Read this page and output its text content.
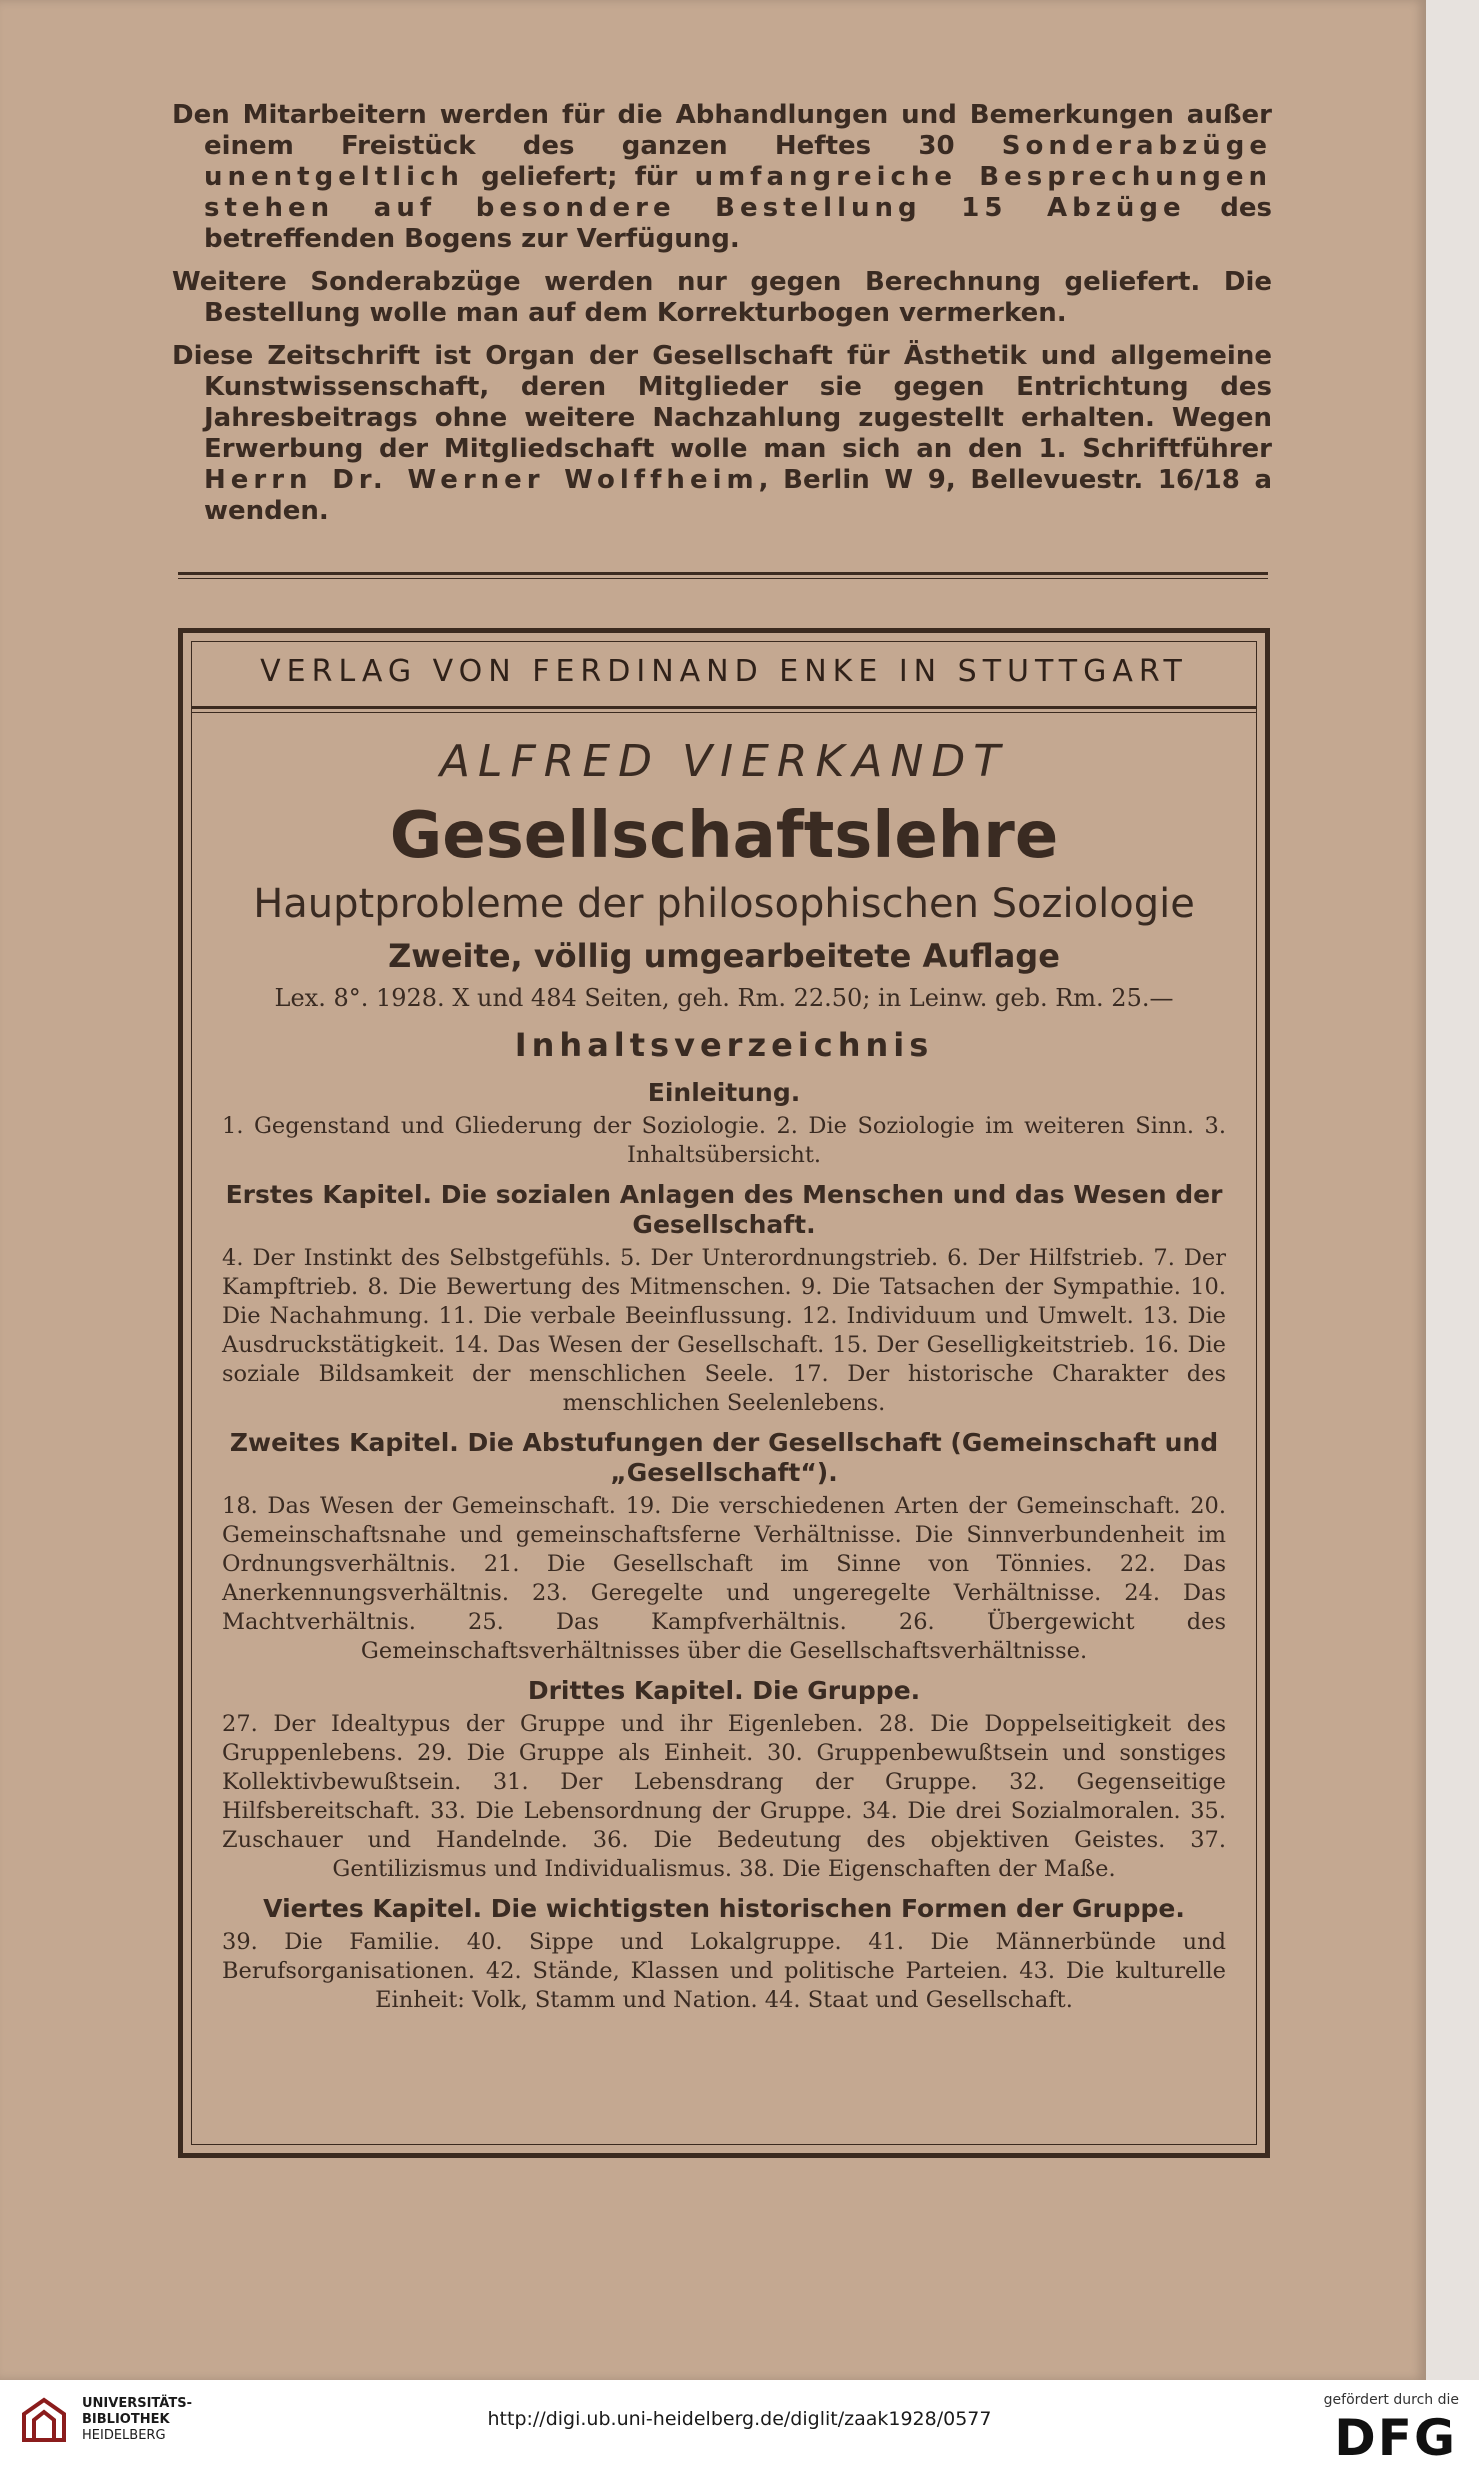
Den Mitarbeitern werden für die Abhandlungen und Bemerkungen außer einem Freistück des ganzen Heftes 30 Sonderabzüge unentgeltlich geliefert; für umfangreiche Besprechungen stehen auf besondere Bestellung 15 Abzüge des betreffenden Bogens zur Verfügung.

Weitere Sonderabzüge werden nur gegen Berechnung geliefert. Die Bestellung wolle man auf dem Korrekturbogen vermerken.

Diese Zeitschrift ist Organ der Gesellschaft für Ästhetik und allgemeine Kunstwissenschaft, deren Mitglieder sie gegen Entrichtung des Jahresbeitrags ohne weitere Nachzahlung zugestellt erhalten. Wegen Erwerbung der Mitgliedschaft wolle man sich an den 1. Schriftführer Herrn Dr. Werner Wolffheim, Berlin W 9, Bellevuestr. 16/18 a wenden.

VERLAG VON FERDINAND ENKE IN STUTTGART

ALFRED VIERKANDT

Gesellschaftslehre

Hauptprobleme der philosophischen Soziologie

Zweite, völlig umgearbeitete Auflage

Lex. 8°. 1928. X und 484 Seiten, geh. Rm. 22.50; in Leinw. geb. Rm. 25.—

Inhaltsverzeichnis

Einleitung.

1. Gegenstand und Gliederung der Soziologie. 2. Die Soziologie im weiteren Sinn. 3. Inhaltsübersicht.

Erstes Kapitel. Die sozialen Anlagen des Menschen und das Wesen der Gesellschaft.

4. Der Instinkt des Selbstgefühls. 5. Der Unterordnungstrieb. 6. Der Hilfstrieb. 7. Der Kampftrieb. 8. Die Bewertung des Mitmenschen. 9. Die Tatsachen der Sympathie. 10. Die Nachahmung. 11. Die verbale Beeinflussung. 12. Individuum und Umwelt. 13. Die Ausdruckstätigkeit. 14. Das Wesen der Gesellschaft. 15. Der Geselligkeitstrieb. 16. Die soziale Bildsamkeit der menschlichen Seele. 17. Der historische Charakter des menschlichen Seelenlebens.

Zweites Kapitel. Die Abstufungen der Gesellschaft (Gemeinschaft und „Gesellschaft“).

18. Das Wesen der Gemeinschaft. 19. Die verschiedenen Arten der Gemeinschaft. 20. Gemeinschaftsnahe und gemeinschaftsferne Verhältnisse. Die Sinnverbundenheit im Ordnungsverhältnis. 21. Die Gesellschaft im Sinne von Tönnies. 22. Das Anerkennungsverhältnis. 23. Geregelte und ungeregelte Verhältnisse. 24. Das Machtverhältnis. 25. Das Kampfverhältnis. 26. Übergewicht des Gemeinschaftsverhältnisses über die Gesellschaftsverhältnisse.

Drittes Kapitel. Die Gruppe.

27. Der Idealtypus der Gruppe und ihr Eigenleben. 28. Die Doppelseitigkeit des Gruppenlebens. 29. Die Gruppe als Einheit. 30. Gruppenbewußtsein und sonstiges Kollektivbewußtsein. 31. Der Lebensdrang der Gruppe. 32. Gegenseitige Hilfsbereitschaft. 33. Die Lebensordnung der Gruppe. 34. Die drei Sozialmoralen. 35. Zuschauer und Handelnde. 36. Die Bedeutung des objektiven Geistes. 37. Gentilizismus und Individualismus. 38. Die Eigenschaften der Maße.

Viertes Kapitel. Die wichtigsten historischen Formen der Gruppe.

39. Die Familie. 40. Sippe und Lokalgruppe. 41. Die Männerbünde und Berufsorganisationen. 42. Stände, Klassen und politische Parteien. 43. Die kulturelle Einheit: Volk, Stamm und Nation. 44. Staat und Gesellschaft.

UNIVERSITÄTS-
BIBLIOTHEK
HEIDELBERG
http://digi.ub.uni-heidelberg.de/diglit/zaak1928/0577
gefördert durch die
DFG
